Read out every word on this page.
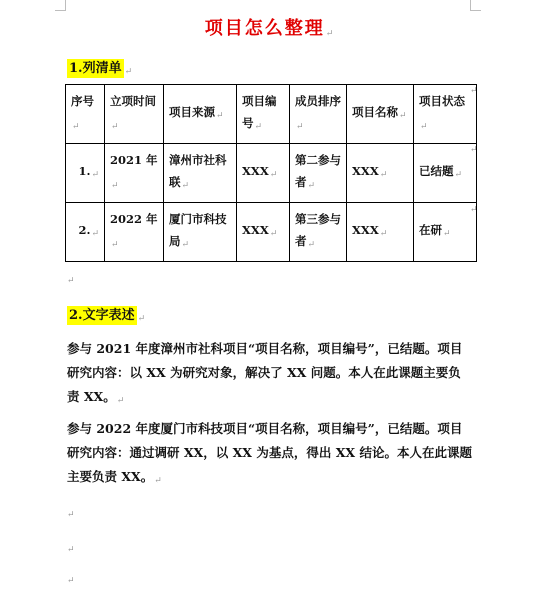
项目怎么整理↵
1.列清单 ↵
序号↵	立项时间↵	项目来源↵	项目编号↵	成员排序↵	项目名称↵	项目状态↵
1.↵	2021 年↵	漳州市社科联↵	XXX↵	第二参与者↵	XXX↵	已结题↵
2.↵	2022 年↵	厦门市科技局↵	XXX↵	第三参与者↵	XXX↵	在研↵
↵
↵
↵
↵
2.文字表述 ↵
参与 2021 年度漳州市社科项目“项目名称，项目编号”，已结题。项目研究内容：以 XX 为研究对象，解决了 XX 问题。本人在此课题主要负责 XX。↵
参与 2022 年度厦门市科技项目“项目名称，项目编号”，已结题。项目研究内容：通过调研 XX，以 XX 为基点，得出 XX 结论。本人在此课题主要负责 XX。↵
↵
↵
↵
